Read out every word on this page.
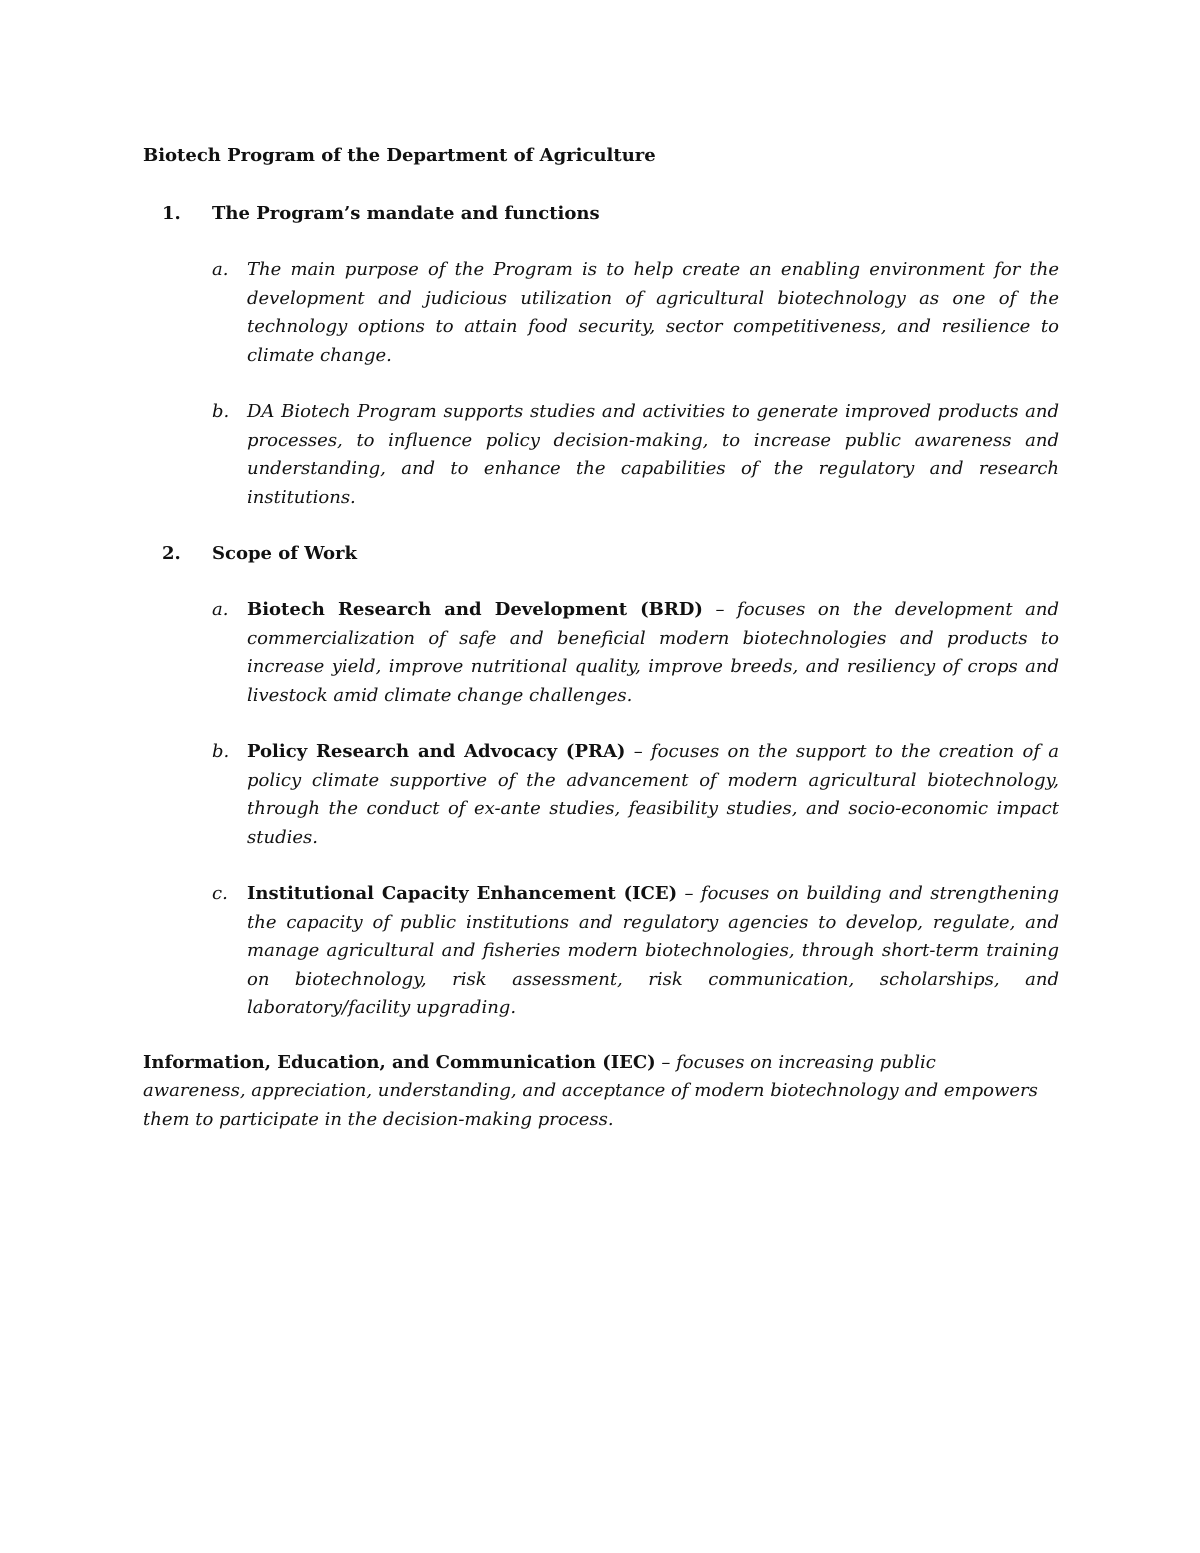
Biotech Program of the Department of Agriculture
1.	The Program’s mandate and functions
a.	The main purpose of the Program is to help create an enabling environment for the development and judicious utilization of agricultural biotechnology as one of the technology options to attain food security, sector competitiveness, and resilience to climate change.
b. DA Biotech Program supports studies and activities to generate improved products and processes, to influence policy decision-making, to increase public awareness and understanding, and to enhance the capabilities of the regulatory and research institutions.
2.	Scope of Work
a.	Biotech Research and Development (BRD) – focuses on the development and commercialization of safe and beneficial modern biotechnologies and products to increase yield, improve nutritional quality, improve breeds, and resiliency of crops and livestock amid climate change challenges.
b. Policy Research and Advocacy (PRA) – focuses on the support to the creation of a policy climate supportive of the advancement of modern agricultural biotechnology, through the conduct of ex-ante studies, feasibility studies, and socio-economic impact studies.
c.	Institutional Capacity Enhancement (ICE) – focuses on building and strengthening the capacity of public institutions and regulatory agencies to develop, regulate, and manage agricultural and fisheries modern biotechnologies, through short-term training on biotechnology, risk assessment, risk communication, scholarships, and laboratory/facility upgrading.
Information, Education, and Communication (IEC) – focuses on increasing public awareness, appreciation, understanding, and acceptance of modern biotechnology and empowers them to participate in the decision-making process.
